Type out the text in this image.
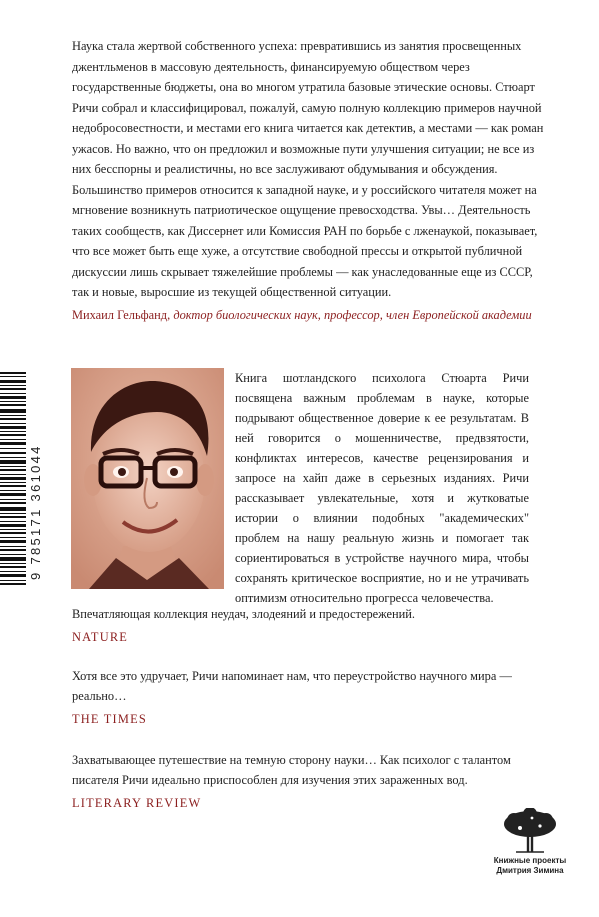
Наука стала жертвой собственного успеха: превратившись из занятия просвещенных джентльменов в массовую деятельность, финансируемую обществом через государственные бюджеты, она во многом утратила базовые этические основы. Стюарт Ричи собрал и классифицировал, пожалуй, самую полную коллекцию примеров научной недобросовестности, и местами его книга читается как детектив, а местами — как роман ужасов. Но важно, что он предложил и возможные пути улучшения ситуации; не все из них бесспорны и реалистичны, но все заслуживают обдумывания и обсуждения. Большинство примеров относится к западной науке, и у российского читателя может на мгновение возникнуть патриотическое ощущение превосходства. Увы… Деятельность таких сообществ, как Диссернет или Комиссия РАН по борьбе с лженаукой, показывает, что все может быть еще хуже, а отсутствие свободной прессы и открытой публичной дискуссии лишь скрывает тяжелейшие проблемы — как унаследованные еще из СССР, так и новые, выросшие из текущей общественной ситуации.

Михаил Гельфанд, доктор биологических наук, профессор, член Европейской академии
9 785171 361044

Книга шотландского психолога Стюарта Ричи посвящена важным проблемам в науке, которые подрывают общественное доверие к ее результатам. В ней говорится о мошенничестве, предвзятости, конфликтах интересов, качестве рецензирования и запросе на хайп даже в серьезных изданиях. Ричи рассказывает увлекательные, хотя и жутковатые истории о влиянии подобных "академических" проблем на нашу реальную жизнь и помогает так сориентироваться в устройстве научного мира, чтобы сохранять критическое восприятие, но и не утрачивать оптимизм относительно прогресса человечества.

Впечатляющая коллекция неудач, злодеяний и предостережений.

NATURE

Хотя все это удручает, Ричи напоминает нам, что переустройство научного мира — реально…

THE TIMES

Захватывающее путешествие на темную сторону науки… Как психолог с талантом писателя Ричи идеально приспособлен для изучения этих зараженных вод.

LITERARY REVIEW
Книжные проекты
Дмитрия Зимина
